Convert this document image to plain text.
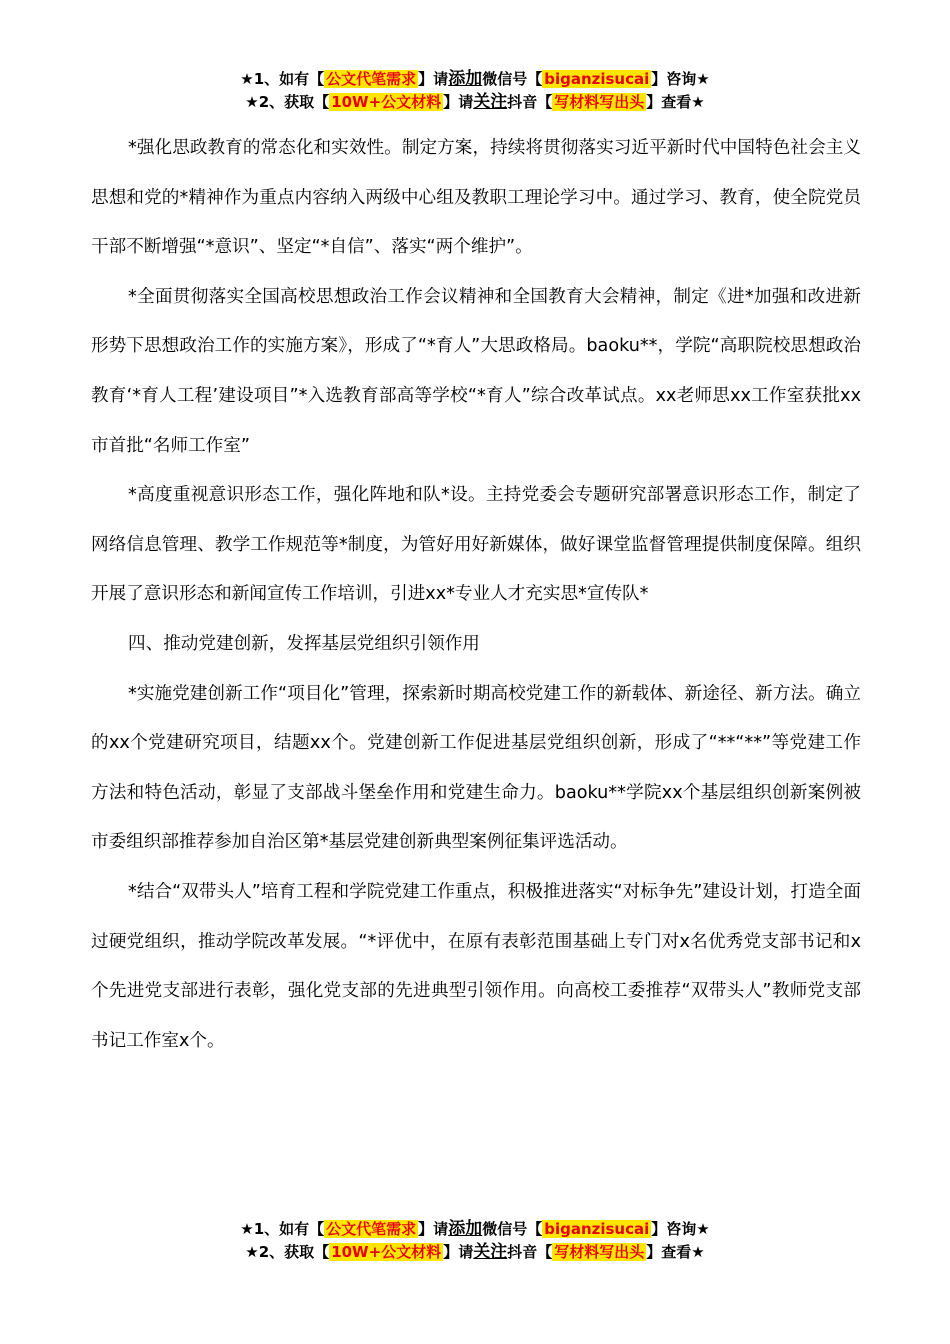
★1、如有【 公文代笔需求 】请添加微信号【 biganzisucai 】咨询★
★2、获取【 10W+公文材料 】请关注抖音【 写材料写出头 】查看★

*强化思政教育的常态化和实效性。制定方案，持续将贯彻落实习近平新时代中国特色社会主义思想和党的*精神作为重点内容纳入两级中心组及教职工理论学习中。通过学习、教育，使全院党员干部不断增强“*意识”、坚定“*自信”、落实“两个维护”。

*全面贯彻落实全国高校思想政治工作会议精神和全国教育大会精神，制定《进*加强和改进新形势下思想政治工作的实施方案》，形成了“*育人”大思政格局。baoku**，学院“高职院校思想政治教育‘*育人工程’建设项目”*入选教育部高等学校“*育人”综合改革试点。xx老师思xx工作室获批xx市首批“名师工作室”

*高度重视意识形态工作，强化阵地和队*设。主持党委会专题研究部署意识形态工作，制定了网络信息管理、教学工作规范等*制度，为管好用好新媒体，做好课堂监督管理提供制度保障。组织开展了意识形态和新闻宣传工作培训，引进xx*专业人才充实思*宣传队*

四、推动党建创新，发挥基层党组织引领作用

*实施党建创新工作“项目化”管理，探索新时期高校党建工作的新载体、新途径、新方法。确立的xx个党建研究项目，结题xx个。党建创新工作促进基层党组织创新，形成了“**“**”等党建工作方法和特色活动，彰显了支部战斗堡垒作用和党建生命力。baoku**学院xx个基层组织创新案例被市委组织部推荐参加自治区第*基层党建创新典型案例征集评选活动。

*结合“双带头人”培育工程和学院党建工作重点，积极推进落实“对标争先”建设计划，打造全面过硬党组织，推动学院改革发展。“*评优中，在原有表彰范围基础上专门对x名优秀党支部书记和x个先进党支部进行表彰，强化党支部的先进典型引领作用。向高校工委推荐“双带头人”教师党支部书记工作室x个。

★1、如有【 公文代笔需求 】请添加微信号【 biganzisucai 】咨询★
★2、获取【 10W+公文材料 】请关注抖音【 写材料写出头 】查看★
